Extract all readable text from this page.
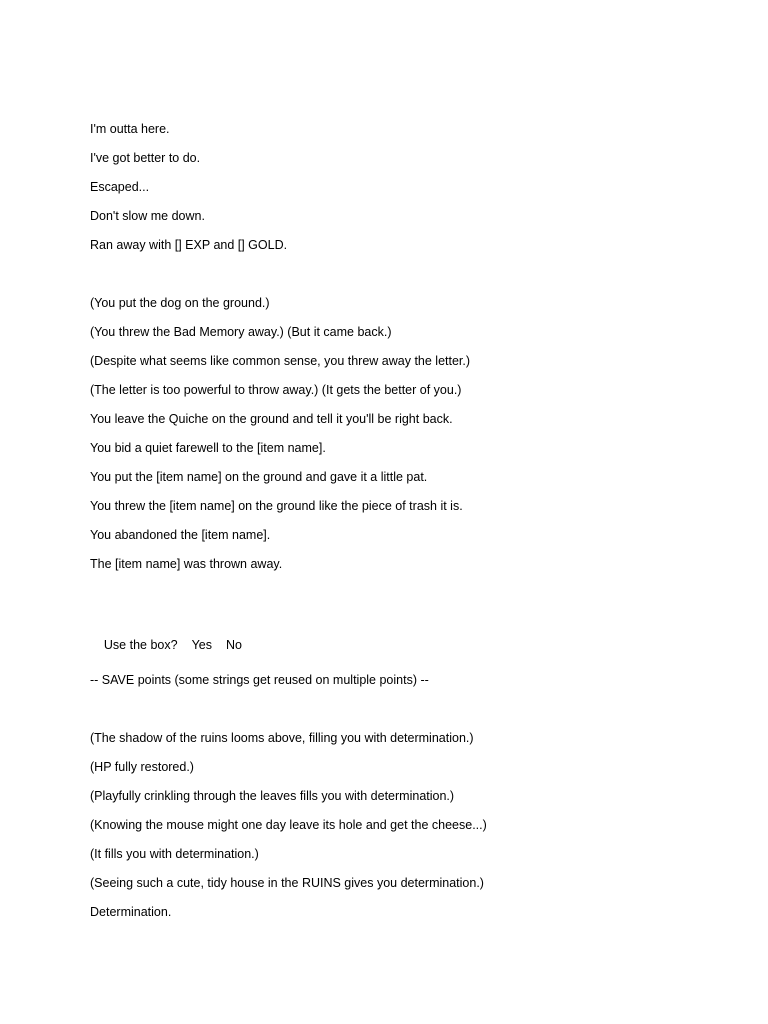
I'm outta here.
I've got better to do.
Escaped...
Don't slow me down.
Ran away with [] EXP and [] GOLD.
(You put the dog on the ground.)
(You threw the Bad Memory away.) (But it came back.)
(Despite what seems like common sense, you threw away the letter.)
(The letter is too powerful to throw away.) (It gets the better of you.)
You leave the Quiche on the ground and tell it you'll be right back.
You bid a quiet farewell to the [item name].
You put the [item name] on the ground and gave it a little pat.
You threw the [item name] on the ground like the piece of trash it is.
You abandoned the [item name].
The [item name] was thrown away.

Use the box? Yes No

-- SAVE points (some strings get reused on multiple points) --
(The shadow of the ruins looms above, filling you with determination.)
(HP fully restored.)
(Playfully crinkling through the leaves fills you with determination.)
(Knowing the mouse might one day leave its hole and get the cheese...)
(It fills you with determination.)
(Seeing such a cute, tidy house in the RUINS gives you determination.)
Determination.
